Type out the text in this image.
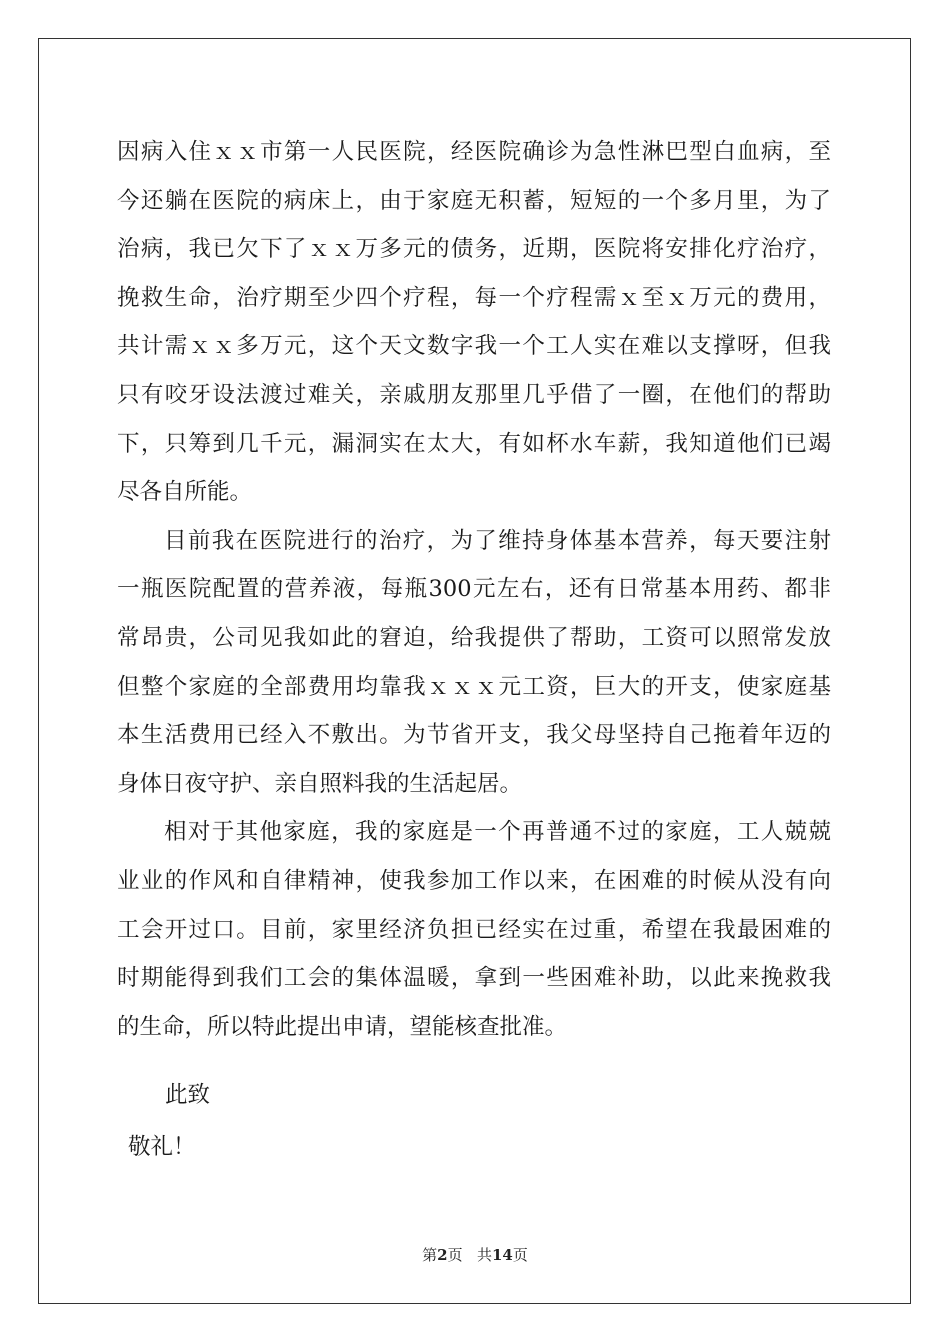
因病入住ｘｘ市第一人民医院，经医院确诊为急性淋巴型白血病，至
今还躺在医院的病床上，由于家庭无积蓄，短短的一个多月里，为了
治病，我已欠下了ｘｘ万多元的债务，近期，医院将安排化疗治疗，
挽救生命，治疗期至少四个疗程，每一个疗程需ｘ至ｘ万元的费用，
共计需ｘｘ多万元，这个天文数字我一个工人实在难以支撑呀，但我
只有咬牙设法渡过难关，亲戚朋友那里几乎借了一圈，在他们的帮助
下，只筹到几千元，漏洞实在太大，有如杯水车薪，我知道他们已竭
尽各自所能。
目前我在医院进行的治疗，为了维持身体基本营养，每天要注射
一瓶医院配置的营养液，每瓶300元左右，还有日常基本用药、都非
常昂贵，公司见我如此的窘迫，给我提供了帮助，工资可以照常发放
但整个家庭的全部费用均靠我ｘｘｘ元工资，巨大的开支，使家庭基
本生活费用已经入不敷出。为节省开支，我父母坚持自己拖着年迈的
身体日夜守护、亲自照料我的生活起居。
相对于其他家庭，我的家庭是一个再普通不过的家庭，工人兢兢
业业的作风和自律精神，使我参加工作以来，在困难的时候从没有向
工会开过口。目前，家里经济负担已经实在过重，希望在我最困难的
时期能得到我们工会的集体温暖，拿到一些困难补助，以此来挽救我
的生命，所以特此提出申请，望能核查批准。
此致
敬礼！
第2页 共14页
